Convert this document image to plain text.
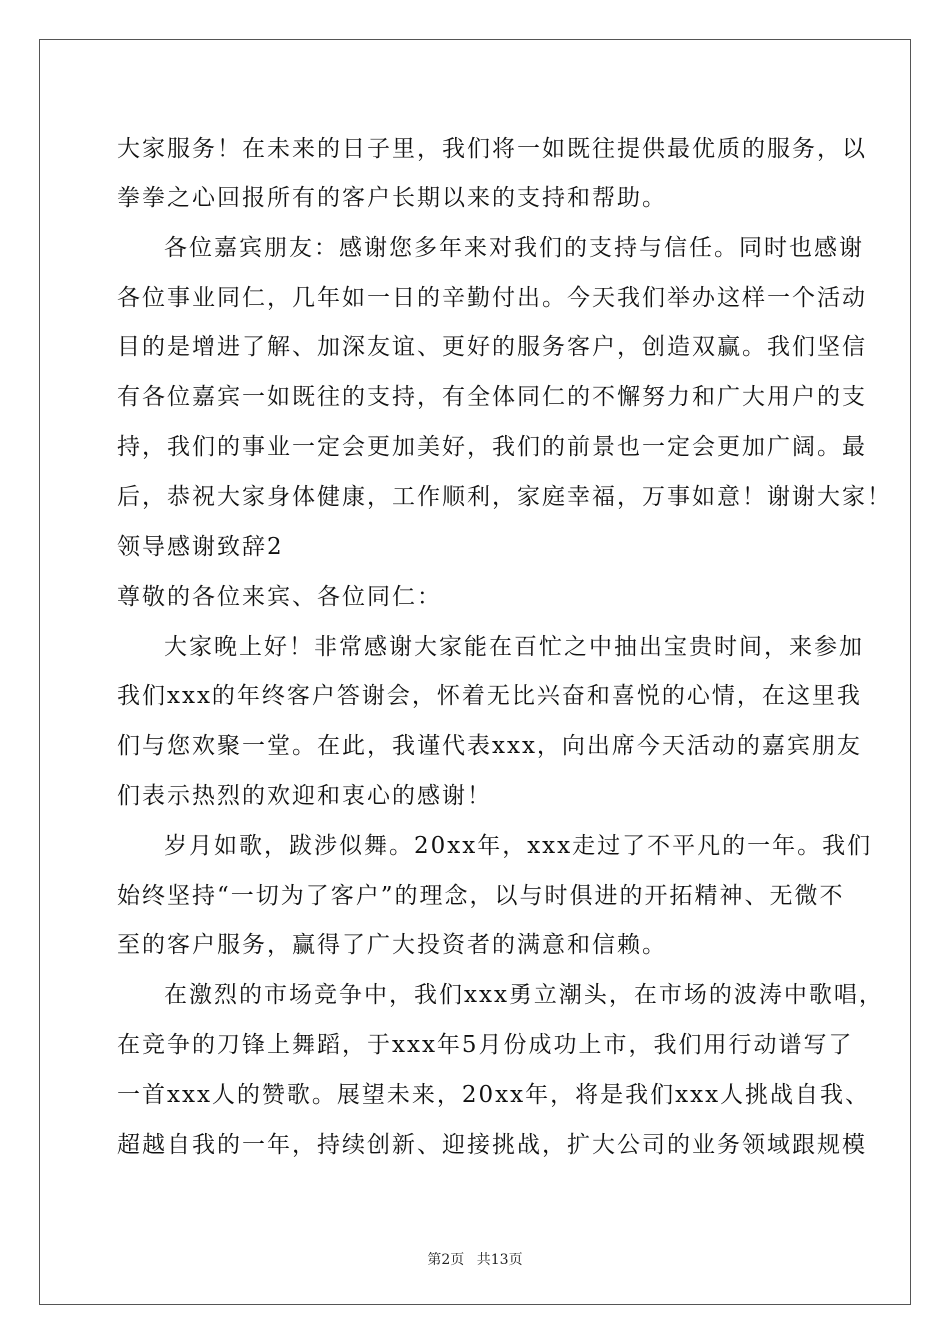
大家服务！在未来的日子里，我们将一如既往提供最优质的服务，以
拳拳之心回报所有的客户长期以来的支持和帮助。
各位嘉宾朋友：感谢您多年来对我们的支持与信任。同时也感谢
各位事业同仁，几年如一日的辛勤付出。今天我们举办这样一个活动
目的是增进了解、加深友谊、更好的服务客户，创造双赢。我们坚信
有各位嘉宾一如既往的支持，有全体同仁的不懈努力和广大用户的支
持，我们的事业一定会更加美好，我们的前景也一定会更加广阔。最
后，恭祝大家身体健康，工作顺利，家庭幸福，万事如意！谢谢大家！
领导感谢致辞2
尊敬的各位来宾、各位同仁：
大家晚上好！非常感谢大家能在百忙之中抽出宝贵时间，来参加
我们xxx的年终客户答谢会，怀着无比兴奋和喜悦的心情，在这里我
们与您欢聚一堂。在此，我谨代表xxx，向出席今天活动的嘉宾朋友
们表示热烈的欢迎和衷心的感谢！
岁月如歌，跋涉似舞。20xx年，xxx走过了不平凡的一年。我们
始终坚持“一切为了客户”的理念，以与时俱进的开拓精神、无微不
至的客户服务，赢得了广大投资者的满意和信赖。
在激烈的市场竞争中，我们xxx勇立潮头，在市场的波涛中歌唱，
在竞争的刀锋上舞蹈，于xxx年5月份成功上市，我们用行动谱写了
一首xxx人的赞歌。展望未来，20xx年，将是我们xxx人挑战自我、
超越自我的一年，持续创新、迎接挑战，扩大公司的业务领域跟规模
第2页 共13页
